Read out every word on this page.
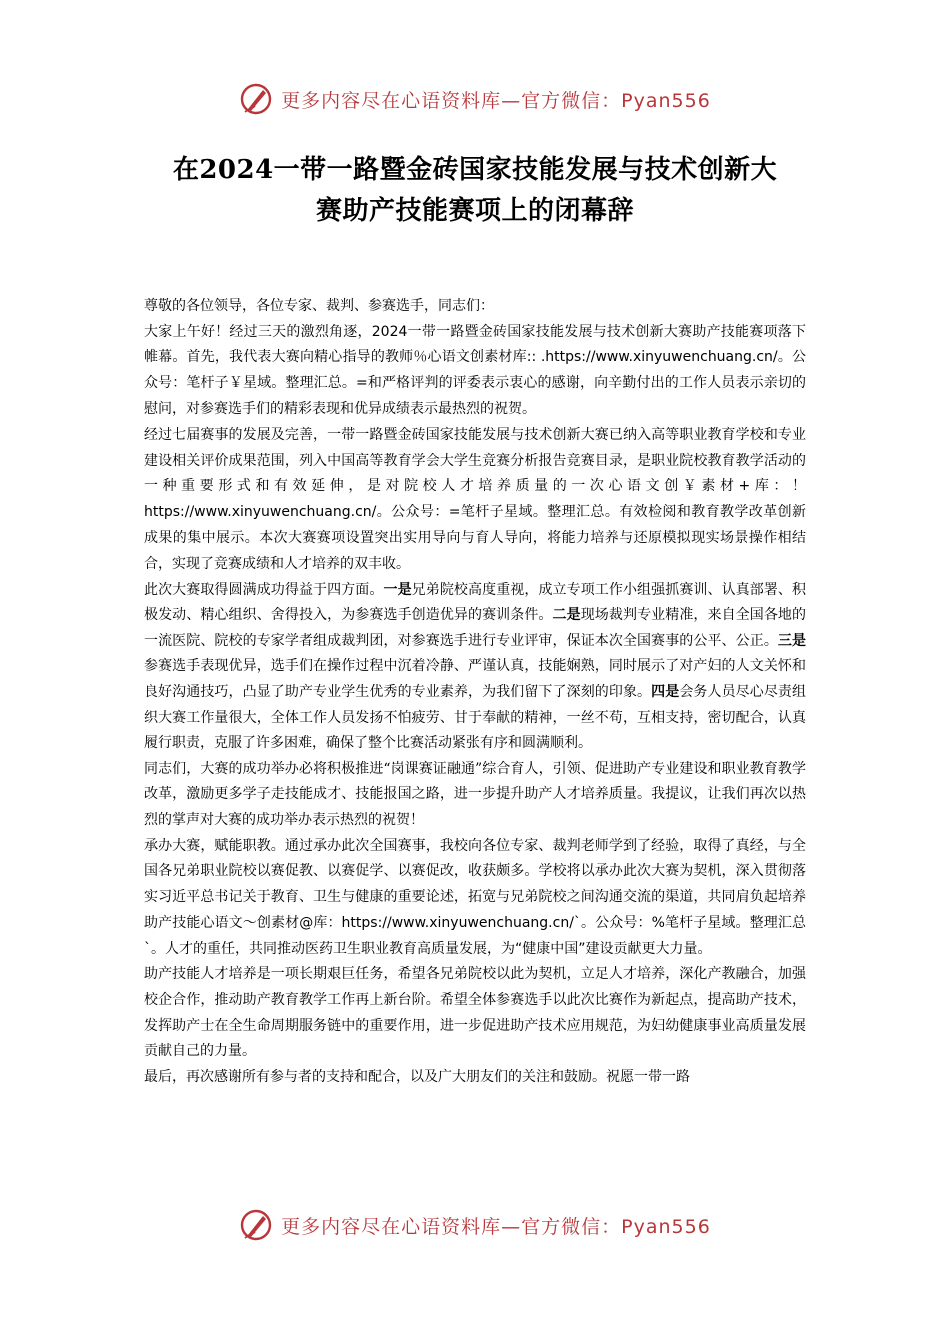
更多内容尽在心语资料库—官方微信：Pyan556
在2024一带一路暨金砖国家技能发展与技术创新大
赛助产技能赛项上的闭幕辞

尊敬的各位领导，各位专家、裁判、参赛选手，同志们：

大家上午好！经过三天的激烈角逐，2024一带一路暨金砖国家技能发展与技术创新大赛助产技能赛项落下帷幕。首先，我代表大赛向精心指导的教师％心语文创素材库:: .https://www.xinyuwenchuang.cn/。公众号：笔杆子￥星域。整理汇总。=和严格评判的评委表示衷心的感谢，向辛勤付出的工作人员表示亲切的慰问，对参赛选手们的精彩表现和优异成绩表示最热烈的祝贺。

经过七届赛事的发展及完善，一带一路暨金砖国家技能发展与技术创新大赛已纳入高等职业教育学校和专业建设相关评价成果范围，列入中国高等教育学会大学生竞赛分析报告竞赛目录，是职业院校教育教学活动的一种重要形式和有效延伸，是对院校人才培养质量的一次心语文创￥素材+库：！ https://www.xinyuwenchuang.cn/。公众号：=笔杆子星域。整理汇总。有效检阅和教育教学改革创新成果的集中展示。本次大赛赛项设置突出实用导向与育人导向，将能力培养与还原模拟现实场景操作相结合，实现了竞赛成绩和人才培养的双丰收。

此次大赛取得圆满成功得益于四方面。一是兄弟院校高度重视，成立专项工作小组强抓赛训、认真部署、积极发动、精心组织、舍得投入，为参赛选手创造优异的赛训条件。二是现场裁判专业精准，来自全国各地的一流医院、院校的专家学者组成裁判团，对参赛选手进行专业评审，保证本次全国赛事的公平、公正。三是参赛选手表现优异，选手们在操作过程中沉着冷静、严谨认真，技能娴熟，同时展示了对产妇的人文关怀和良好沟通技巧，凸显了助产专业学生优秀的专业素养，为我们留下了深刻的印象。四是会务人员尽心尽责组织大赛工作量很大，全体工作人员发扬不怕疲劳、甘于奉献的精神，一丝不苟，互相支持，密切配合，认真履行职责，克服了许多困难，确保了整个比赛活动紧张有序和圆满顺利。

同志们，大赛的成功举办必将积极推进“岗课赛证融通”综合育人，引领、促进助产专业建设和职业教育教学改革，激励更多学子走技能成才、技能报国之路，进一步提升助产人才培养质量。我提议，让我们再次以热烈的掌声对大赛的成功举办表示热烈的祝贺！

承办大赛，赋能职教。通过承办此次全国赛事，我校向各位专家、裁判老师学到了经验，取得了真经，与全国各兄弟职业院校以赛促教、以赛促学、以赛促改，收获颇多。学校将以承办此次大赛为契机，深入贯彻落实习近平总书记关于教育、卫生与健康的重要论述，拓宽与兄弟院校之间沟通交流的渠道，共同肩负起培养助产技能心语文～创素材@库：https://www.xinyuwenchuang.cn/`。公众号：%笔杆子星域。整理汇总`。人才的重任，共同推动医药卫生职业教育高质量发展，为“健康中国”建设贡献更大力量。

助产技能人才培养是一项长期艰巨任务，希望各兄弟院校以此为契机，立足人才培养，深化产教融合，加强校企合作，推动助产教育教学工作再上新台阶。希望全体参赛选手以此次比赛作为新起点，提高助产技术，发挥助产士在全生命周期服务链中的重要作用，进一步促进助产技术应用规范，为妇幼健康事业高质量发展贡献自己的力量。

最后，再次感谢所有参与者的支持和配合，以及广大朋友们的关注和鼓励。祝愿一带一路

更多内容尽在心语资料库—官方微信：Pyan556
